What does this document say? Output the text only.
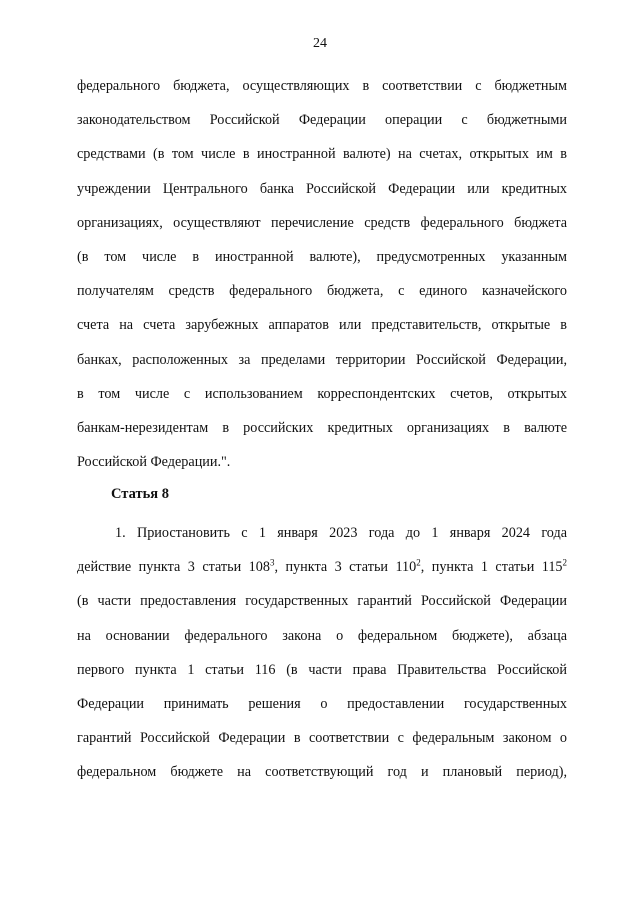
24
федерального бюджета, осуществляющих в соответствии с бюджетным
законодательством Российской Федерации операции с бюджетными
средствами (в том числе в иностранной валюте) на счетах, открытых им в
учреждении Центрального банка Российской Федерации или кредитных
организациях, осуществляют перечисление средств федерального бюджета
(в том числе в иностранной валюте), предусмотренных указанным
получателям средств федерального бюджета, с единого казначейского
счета на счета зарубежных аппаратов или представительств, открытые в
банках, расположенных за пределами территории Российской Федерации,
в том числе с использованием корреспондентских счетов, открытых
банкам-нерезидентам в российских кредитных организациях в валюте
Российской Федерации.".
Статья 8
1. Приостановить с 1 января 2023 года до 1 января 2024 года
действие пункта 3 статьи $108^3$, пункта 3 статьи $110^2$, пункта 1 статьи $115^2$
(в части предоставления государственных гарантий Российской Федерации
на основании федерального закона о федеральном бюджете), абзаца
первого пункта 1 статьи 116 (в части права Правительства Российской
Федерации принимать решения о предоставлении государственных
гарантий Российской Федерации в соответствии с федеральным законом о
федеральном бюджете на соответствующий год и плановый период),
